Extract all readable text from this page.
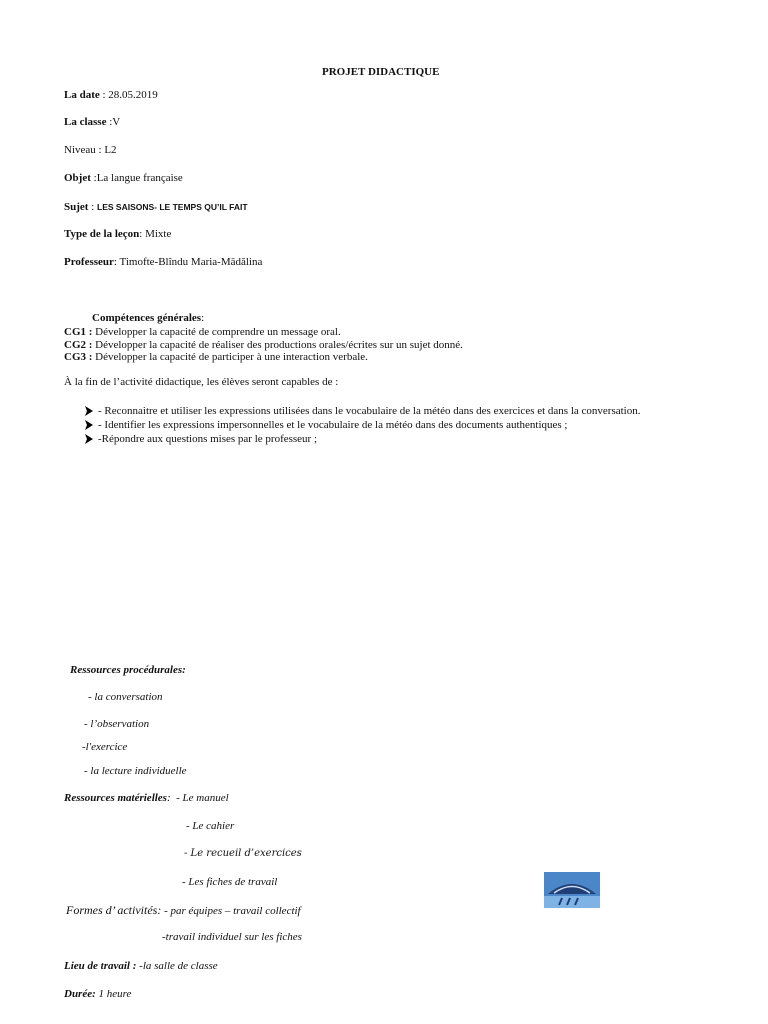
PROJET DIDACTIQUE
La date : 28.05.2019
La classe :V
Niveau : L2
Objet :La langue française
Sujet : LES SAISONS- LE TEMPS QU’IL FAIT
Type de la leçon: Mixte
Professeur: Timofte-Blîndu Maria-Mădălina
Compétences générales:
CG1 : Développer la capacité de comprendre un message oral.
CG2 : Développer la capacité de réaliser des productions orales/écrites sur un sujet donné.
CG3 : Développer la capacité de participer à une interaction verbale.
À la fin de l’activité didactique, les élèves seront capables de :
- Reconnaitre et utiliser les expressions utilisées dans le vocabulaire de la météo dans des exercices et dans la conversation.
- Identifier les expressions impersonnelles et le vocabulaire de la météo dans des documents authentiques ;
-Répondre aux questions mises par le professeur ;
Ressources procédurales:
- la conversation
- l’observation
-l'exercice
- la lecture individuelle
Ressources matérielles: - Le manuel
- Le cahier
- Le recueil d’exercices
- Les fiches de travail
Formes d’ activités: - par équipes – travail collectif
-travail individuel sur les fiches
Lieu de travail : -la salle de classe
Durée: 1 heure
